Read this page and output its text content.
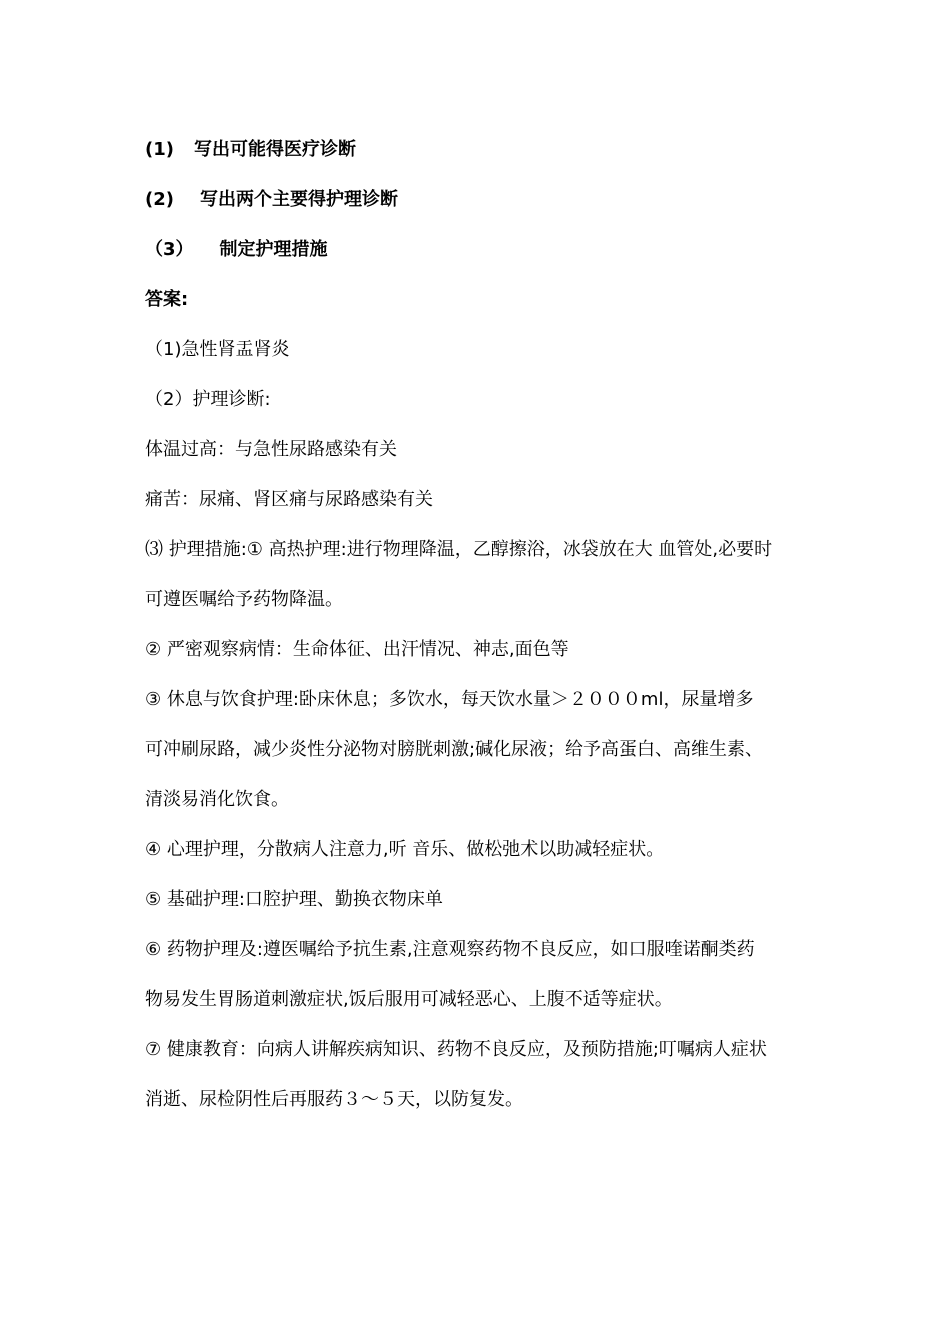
(1) 写出可能得医疗诊断
(2) 写出两个主要得护理诊断
（3） 制定护理措施
答案:
（1)急性肾盂肾炎
（2）护理诊断:
体温过高：与急性尿路感染有关
痛苦：尿痛、肾区痛与尿路感染有关
⑶ 护理措施:① 高热护理:进行物理降温，乙醇擦浴，冰袋放在大 血管处,必要时
可遵医嘱给予药物降温。
② 严密观察病情：生命体征、出汗情况、神志,面色等
③ 休息与饮食护理:卧床休息；多饮水，每天饮水量＞２０００ml，尿量增多
可冲刷尿路，减少炎性分泌物对膀胱刺激;碱化尿液；给予高蛋白、高维生素、
清淡易消化饮食。
④ 心理护理，分散病人注意力,听 音乐、做松弛术以助减轻症状。
⑤ 基础护理:口腔护理、勤换衣物床单
⑥ 药物护理及:遵医嘱给予抗生素,注意观察药物不良反应，如口服喹诺酮类药
物易发生胃肠道刺激症状,饭后服用可减轻恶心、上腹不适等症状。
⑦ 健康教育：向病人讲解疾病知识、药物不良反应，及预防措施;叮嘱病人症状
消逝、尿检阴性后再服药３～５天，以防复发。
